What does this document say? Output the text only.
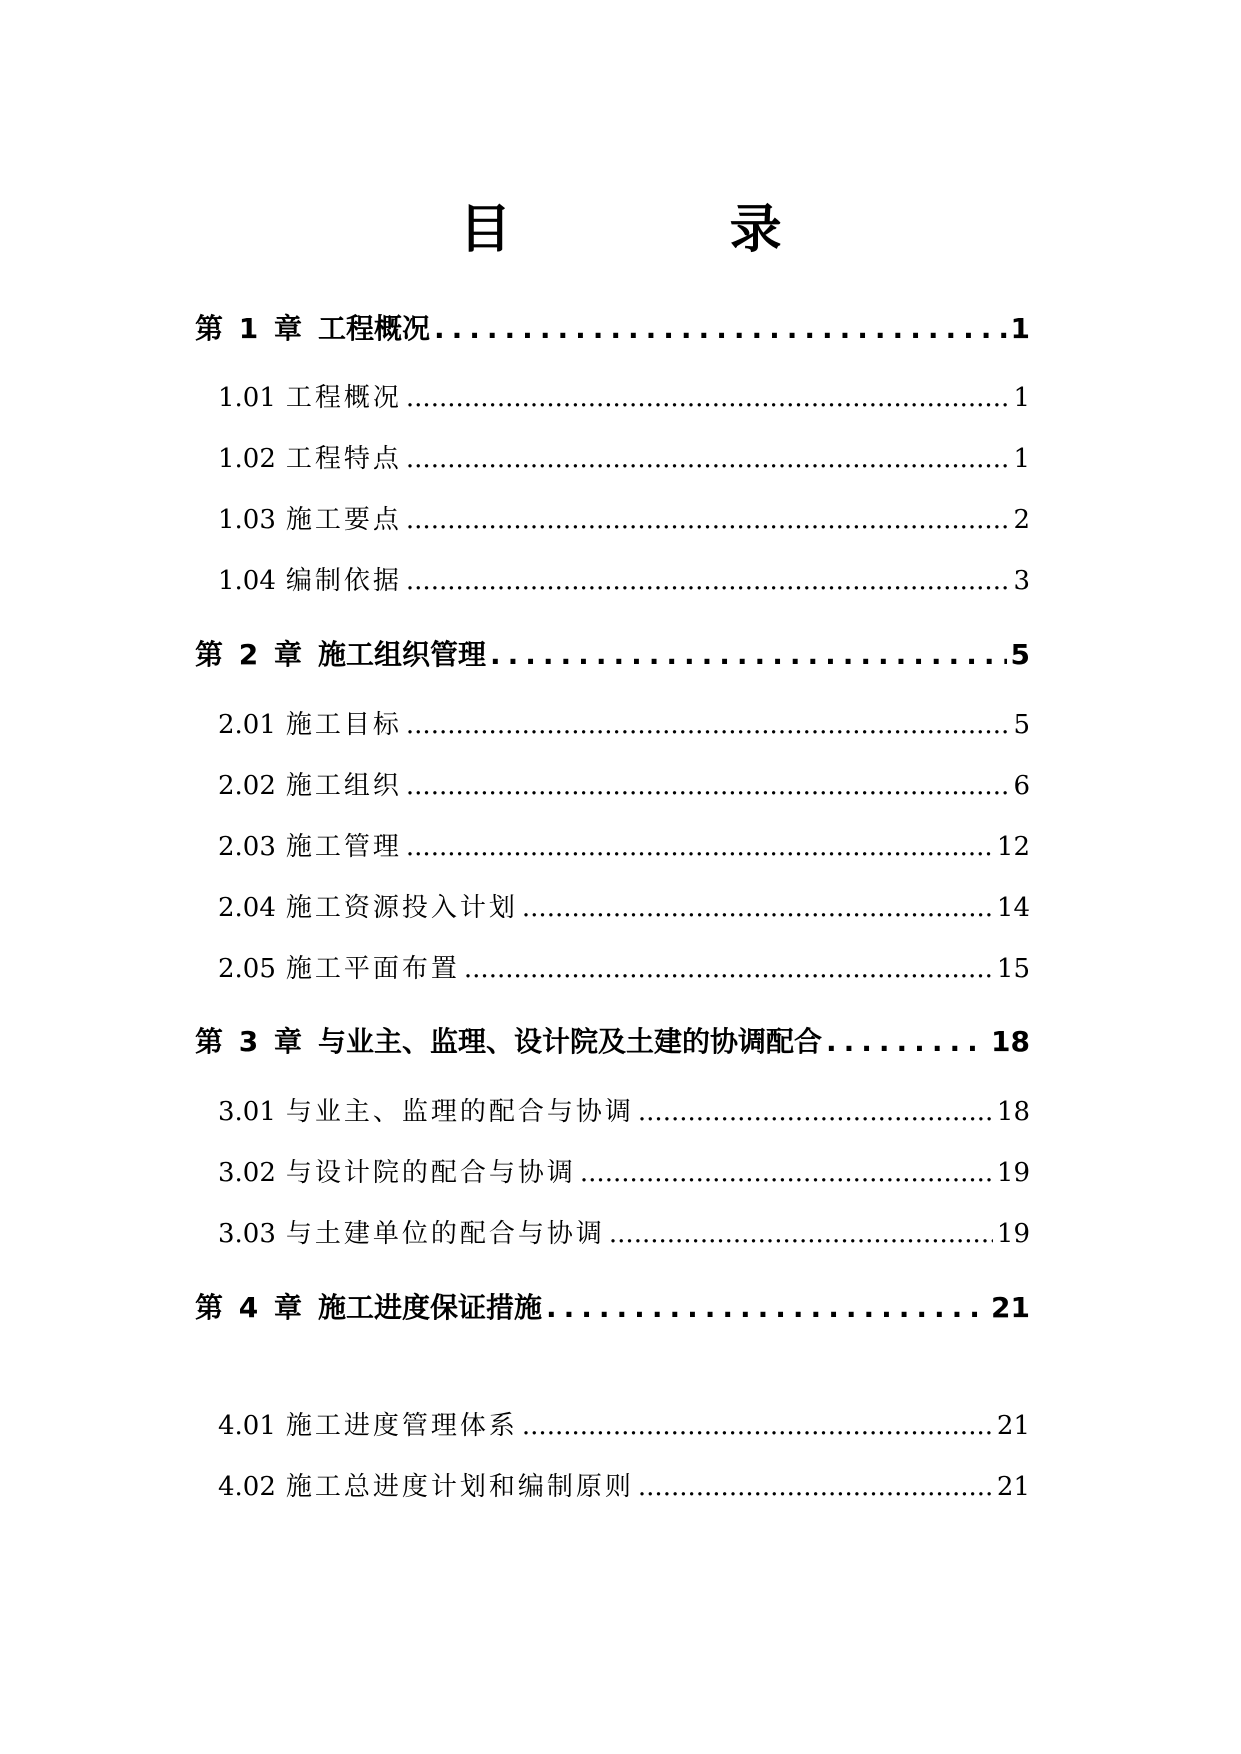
目　录
第 1 章 工程概况 .....	1
1.01 工程概况 .....	1
1.02 工程特点 .....	1
1.03 施工要点 .....	2
1.04 编制依据 .....	3
第 2 章 施工组织管理 .....	5
2.01 施工目标 .....	5
2.02 施工组织 .....	6
2.03 施工管理 .....	12
2.04 施工资源投入计划 .....	14
2.05 施工平面布置 .....	15
第 3 章 与业主、监理、设计院及土建的协调配合 .....	18
3.01 与业主、监理的配合与协调 .....	18
3.02 与设计院的配合与协调 .....	19
3.03 与土建单位的配合与协调 .....	19
第 4 章 施工进度保证措施 .....	21
4.01 施工进度管理体系 .....	21
4.02 施工总进度计划和编制原则 .....	21
